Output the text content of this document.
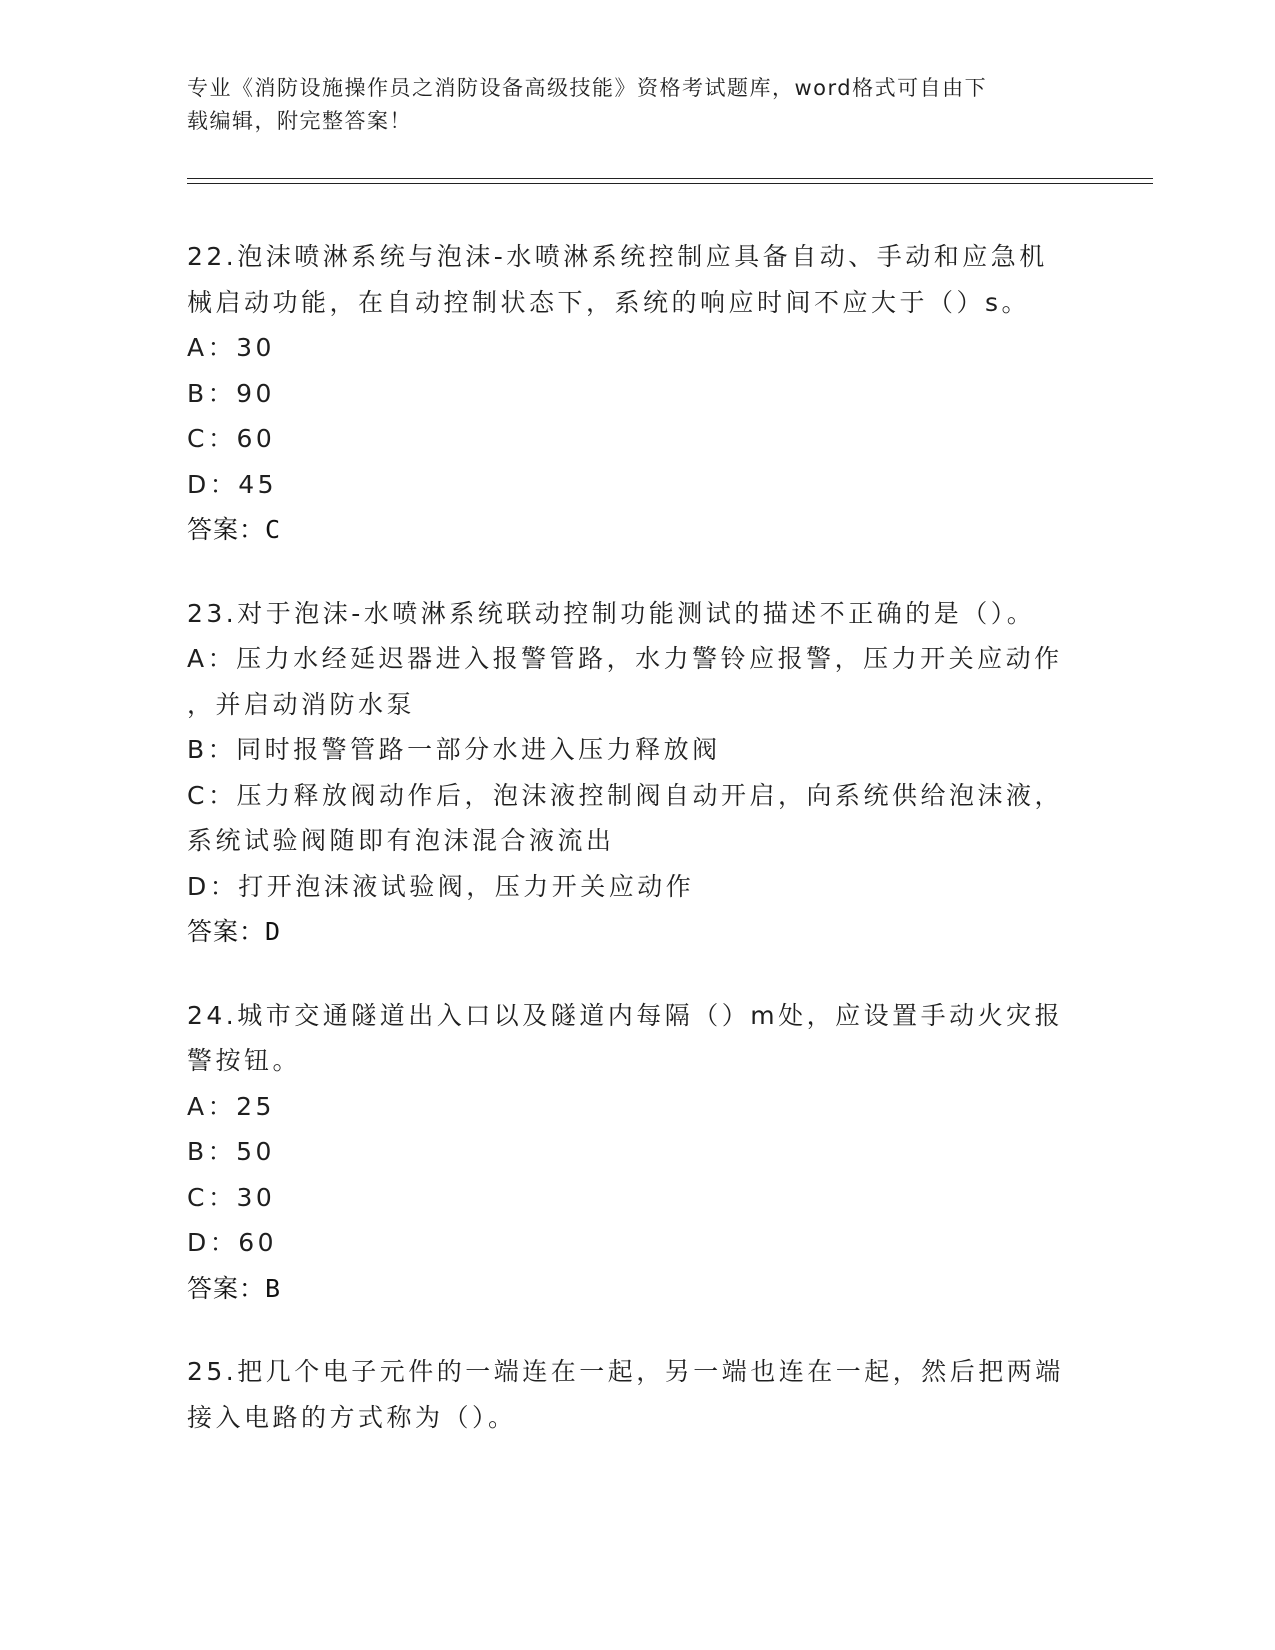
专业《消防设施操作员之消防设备高级技能》资格考试题库，word格式可自由下
载编辑，附完整答案！
22.泡沫喷淋系统与泡沫-水喷淋系统控制应具备自动、手动和应急机
械启动功能，在自动控制状态下，系统的响应时间不应大于（）s。
A：30
B：90
C：60
D：45
答案：C
23.对于泡沫-水喷淋系统联动控制功能测试的描述不正确的是（）。
A：压力水经延迟器进入报警管路，水力警铃应报警，压力开关应动作
，并启动消防水泵
B：同时报警管路一部分水进入压力释放阀
C：压力释放阀动作后，泡沫液控制阀自动开启，向系统供给泡沫液，
系统试验阀随即有泡沫混合液流出
D：打开泡沫液试验阀，压力开关应动作
答案：D
24.城市交通隧道出入口以及隧道内每隔（）m处，应设置手动火灾报
警按钮。
A：25
B：50
C：30
D：60
答案：B
25.把几个电子元件的一端连在一起，另一端也连在一起，然后把两端
接入电路的方式称为（）。
